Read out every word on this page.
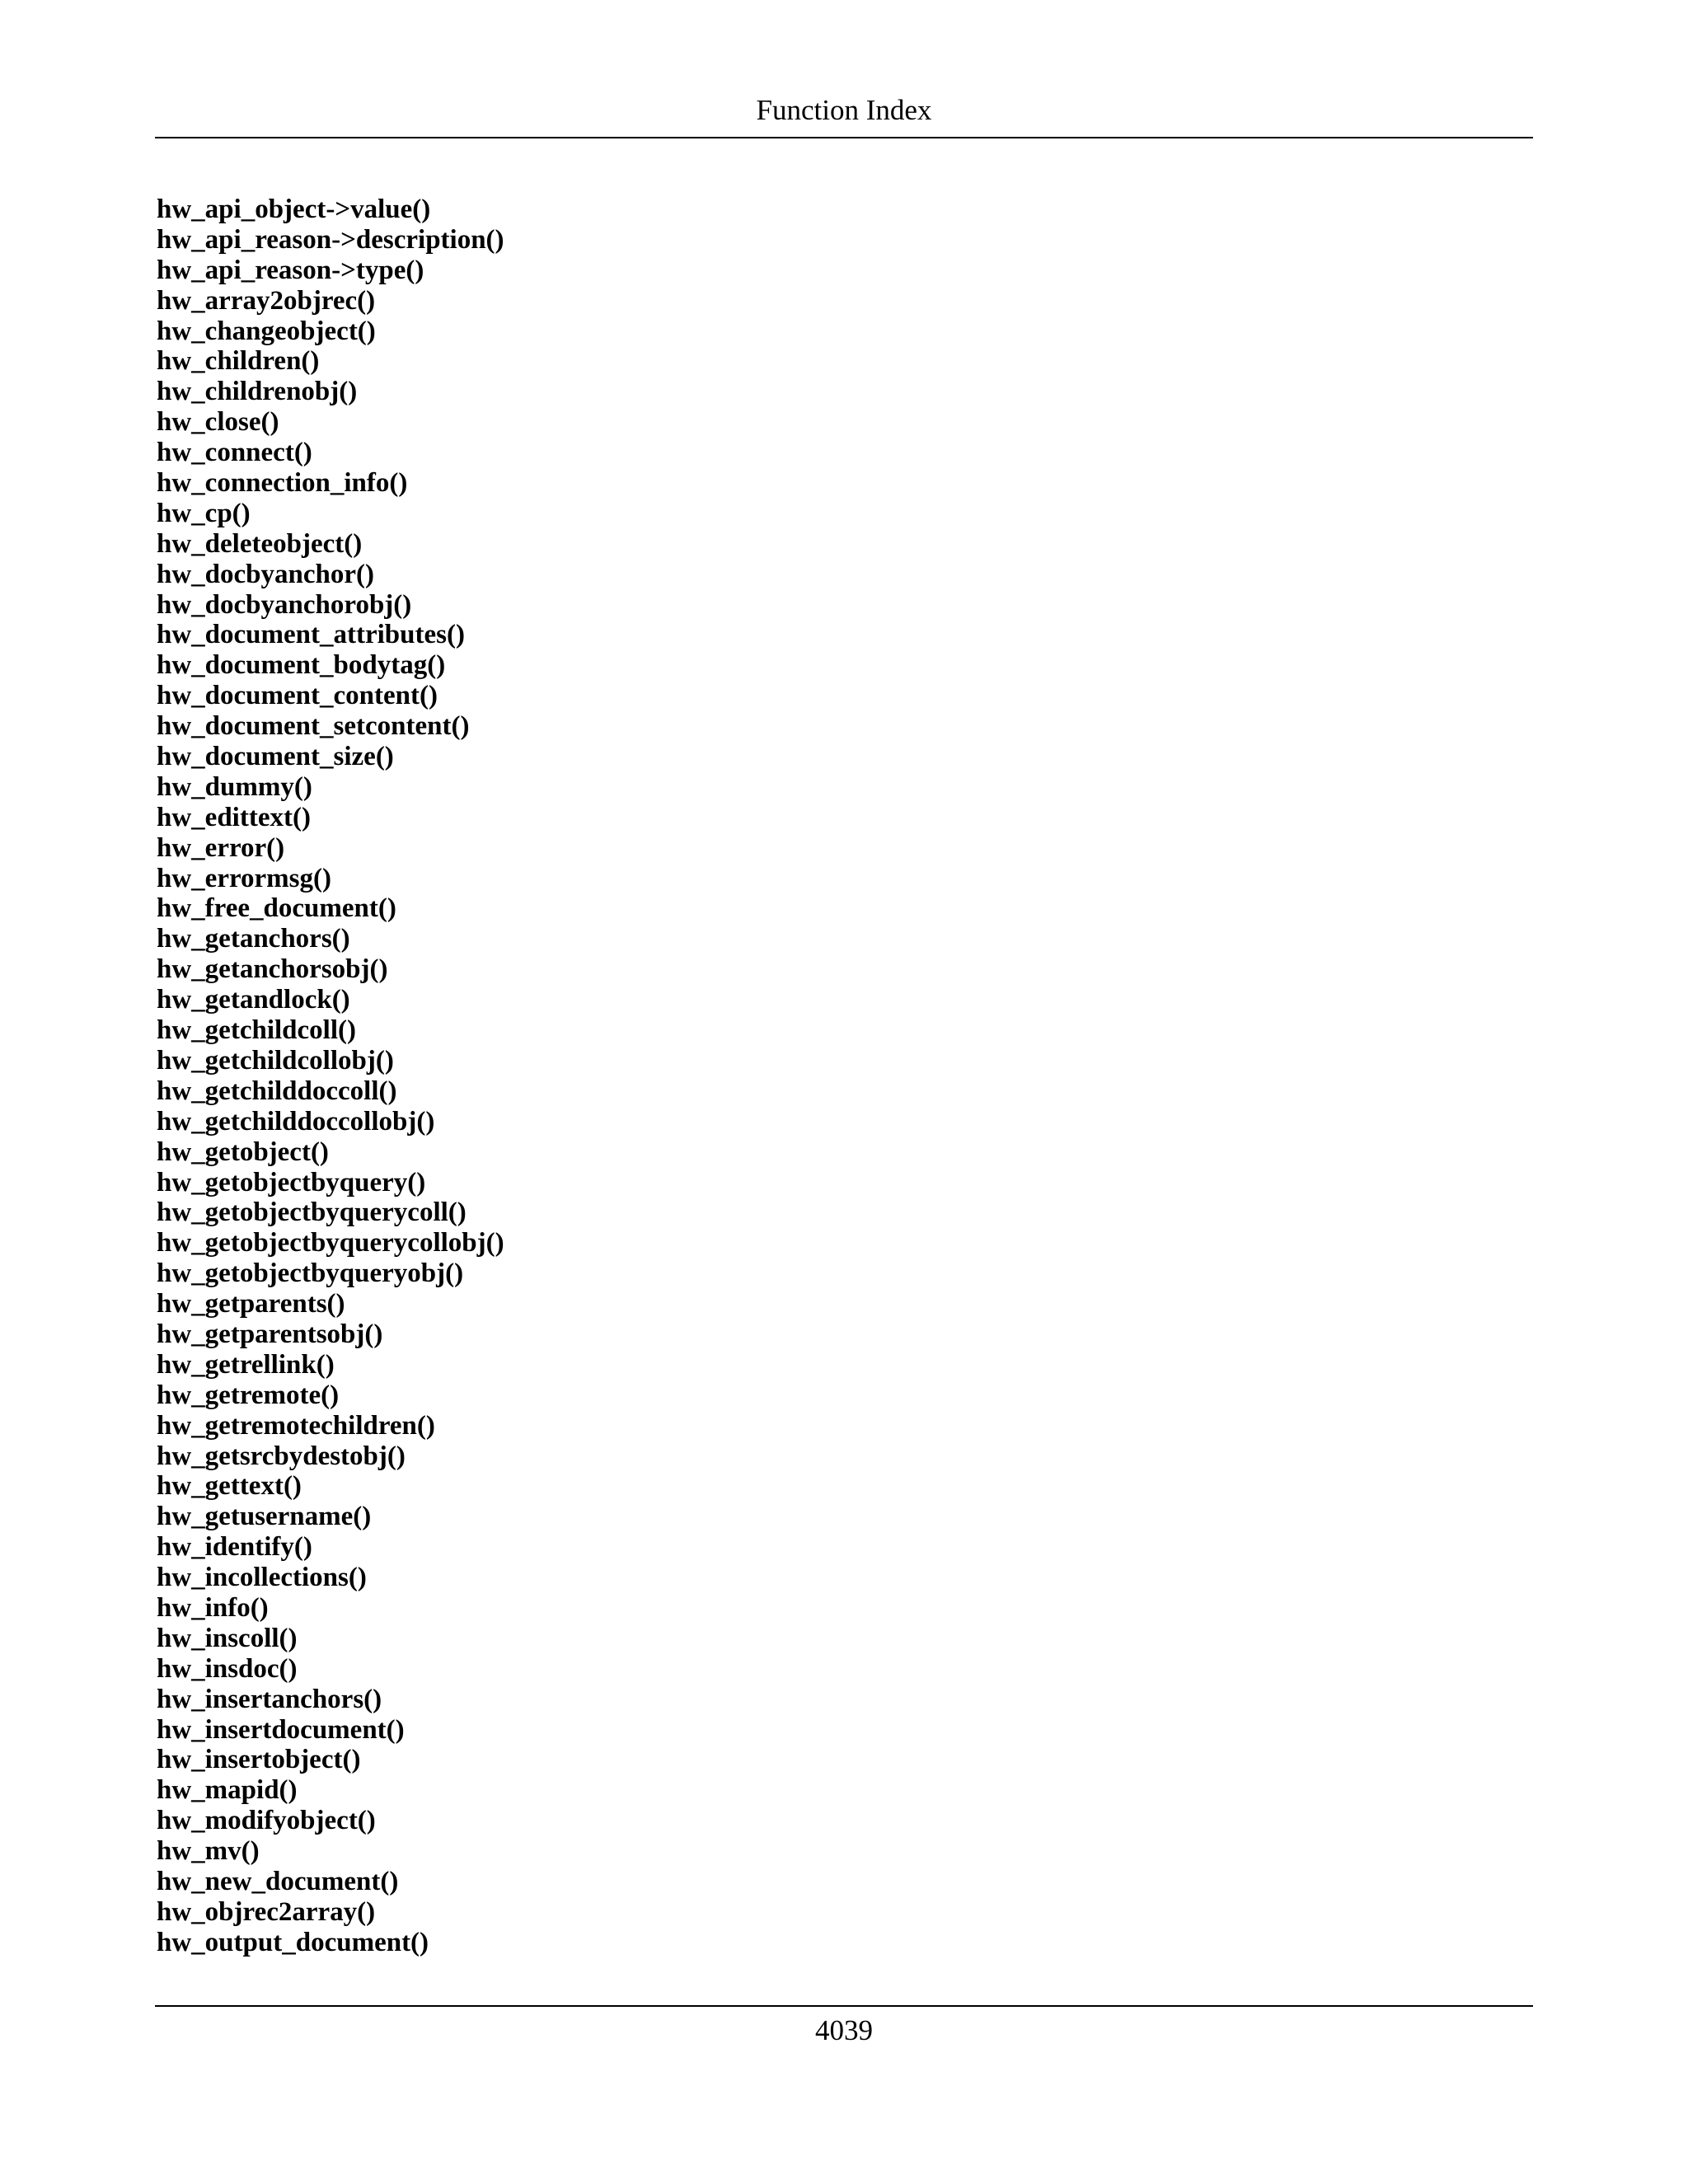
Function Index
hw_api_object->value()
hw_api_reason->description()
hw_api_reason->type()
hw_array2objrec()
hw_changeobject()
hw_children()
hw_childrenobj()
hw_close()
hw_connect()
hw_connection_info()
hw_cp()
hw_deleteobject()
hw_docbyanchor()
hw_docbyanchorobj()
hw_document_attributes()
hw_document_bodytag()
hw_document_content()
hw_document_setcontent()
hw_document_size()
hw_dummy()
hw_edittext()
hw_error()
hw_errormsg()
hw_free_document()
hw_getanchors()
hw_getanchorsobj()
hw_getandlock()
hw_getchildcoll()
hw_getchildcollobj()
hw_getchilddoccoll()
hw_getchilddoccollobj()
hw_getobject()
hw_getobjectbyquery()
hw_getobjectbyquerycoll()
hw_getobjectbyquerycollobj()
hw_getobjectbyqueryobj()
hw_getparents()
hw_getparentsobj()
hw_getrellink()
hw_getremote()
hw_getremotechildren()
hw_getsrcbydestobj()
hw_gettext()
hw_getusername()
hw_identify()
hw_incollections()
hw_info()
hw_inscoll()
hw_insdoc()
hw_insertanchors()
hw_insertdocument()
hw_insertobject()
hw_mapid()
hw_modifyobject()
hw_mv()
hw_new_document()
hw_objrec2array()
hw_output_document()
4039
